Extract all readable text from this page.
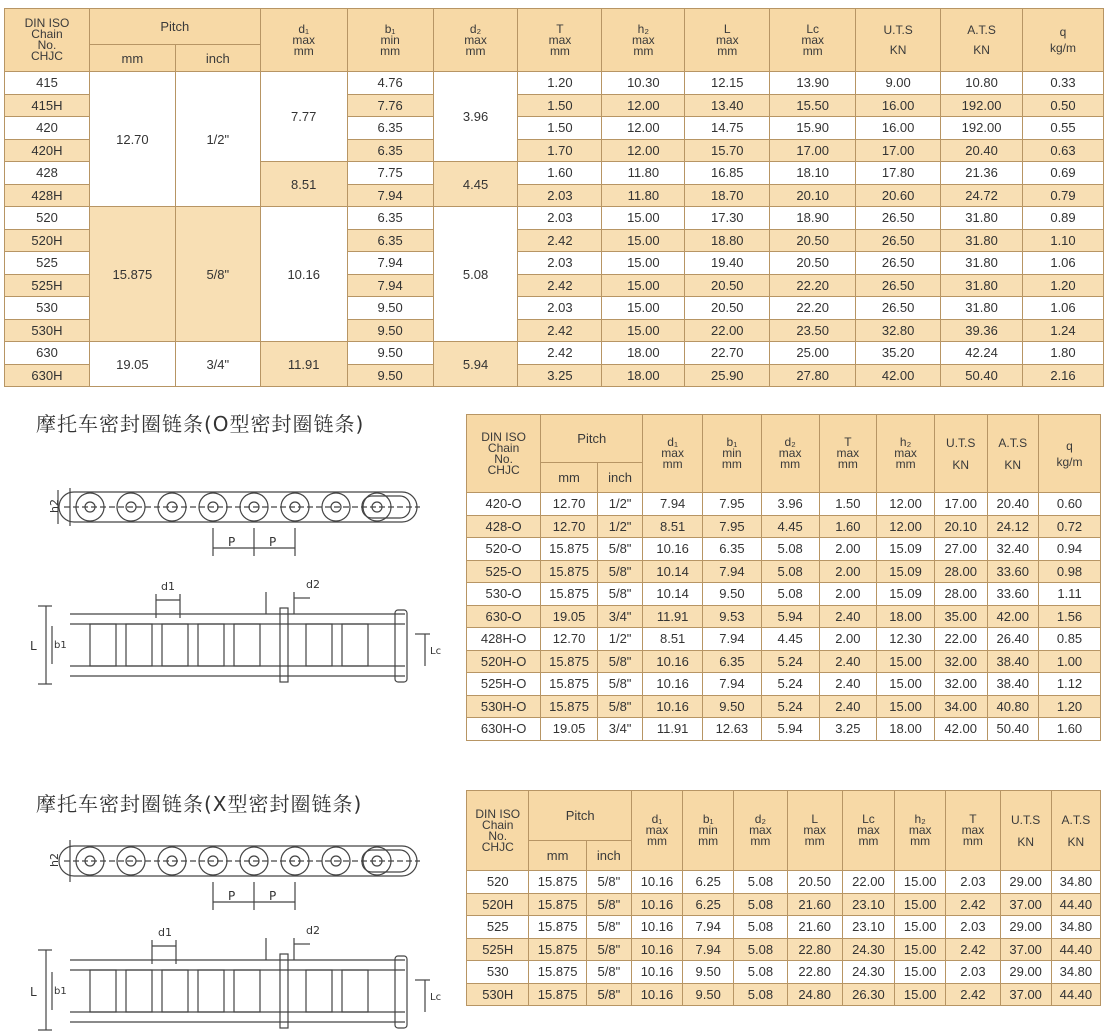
DIN ISO
Chain
No.
CHJC	Pitch		d₁
max
mm	b₁
min
mm	d₂
max
mm	T
max
mm	h₂
max
mm	L
max
mm	Lc
max
mm	U.T.S
KN	A.T.S
KN	q
kg/m

	mm	inch										
415	12.70	1/2"	7.77	4.76	3.96	1.20	10.30	12.15	13.90	9.00	10.80	0.33
415H				7.76		1.50	12.00	13.40	15.50	16.00	192.00	0.50
420				6.35		1.50	12.00	14.75	15.90	16.00	192.00	0.55
420H				6.35		1.70	12.00	15.70	17.00	17.00	20.40	0.63
428			8.51	7.75	4.45	1.60	11.80	16.85	18.10	17.80	21.36	0.69
428H				7.94		2.03	11.80	18.70	20.10	20.60	24.72	0.79
520	15.875	5/8"	10.16	6.35	5.08	2.03	15.00	17.30	18.90	26.50	31.80	0.89
520H				6.35		2.42	15.00	18.80	20.50	26.50	31.80	1.10
525				7.94		2.03	15.00	19.40	20.50	26.50	31.80	1.06
525H				7.94		2.42	15.00	20.50	22.20	26.50	31.80	1.20
530				9.50		2.03	15.00	20.50	22.20	26.50	31.80	1.06
530H				9.50		2.42	15.00	22.00	23.50	32.80	39.36	1.24
630	19.05	3/4"	11.91	9.50	5.94	2.42	18.00	22.70	25.00	35.20	42.24	1.80
630H				9.50		3.25	18.00	25.90	27.80	42.00	50.40	2.16
摩托车密封圈链条(O型密封圈链条)
h2
P	P
d1	d2
L b1
Lc
DIN ISO
Chain
No.
CHJC	Pitch		d₁
max
mm	b₁
min
mm	d₂
max
mm	T
max
mm	h₂
max
mm	U.T.S
KN	A.T.S
KN	q
kg/m

	mm	inch								
420-O	12.70	1/2"	7.94	7.95	3.96	1.50	12.00	17.00	20.40	0.60
428-O	12.70	1/2"	8.51	7.95	4.45	1.60	12.00	20.10	24.12	0.72
520-O	15.875	5/8"	10.16	6.35	5.08	2.00	15.09	27.00	32.40	0.94
525-O	15.875	5/8"	10.14	7.94	5.08	2.00	15.09	28.00	33.60	0.98
530-O	15.875	5/8"	10.14	9.50	5.08	2.00	15.09	28.00	33.60	1.11
630-O	19.05	3/4"	11.91	9.53	5.94	2.40	18.00	35.00	42.00	1.56
428H-O	12.70	1/2"	8.51	7.94	4.45	2.00	12.30	22.00	26.40	0.85
520H-O	15.875	5/8"	10.16	6.35	5.24	2.40	15.00	32.00	38.40	1.00
525H-O	15.875	5/8"	10.16	7.94	5.24	2.40	15.00	32.00	38.40	1.12
530H-O	15.875	5/8"	10.16	9.50	5.24	2.40	15.00	34.00	40.80	1.20
630H-O	19.05	3/4"	11.91	12.63	5.94	3.25	18.00	42.00	50.40	1.60
摩托车密封圈链条(X型密封圈链条)
h2
P	P
d1	d2
L b1
Lc
DIN ISO
Chain
No.
CHJC	Pitch		d₁
max
mm	b₁
min
mm	d₂
max
mm	L
max
mm	Lc
max
mm	h₂
max
mm	T
max
mm	U.T.S
KN	A.T.S
KN

	mm	inch									
520	15.875	5/8"	10.16	6.25	5.08	20.50	22.00	15.00	2.03	29.00	34.80
520H	15.875	5/8"	10.16	6.25	5.08	21.60	23.10	15.00	2.42	37.00	44.40
525	15.875	5/8"	10.16	7.94	5.08	21.60	23.10	15.00	2.03	29.00	34.80
525H	15.875	5/8"	10.16	7.94	5.08	22.80	24.30	15.00	2.42	37.00	44.40
530	15.875	5/8"	10.16	9.50	5.08	22.80	24.30	15.00	2.03	29.00	34.80
530H	15.875	5/8"	10.16	9.50	5.08	24.80	26.30	15.00	2.42	37.00	44.40
